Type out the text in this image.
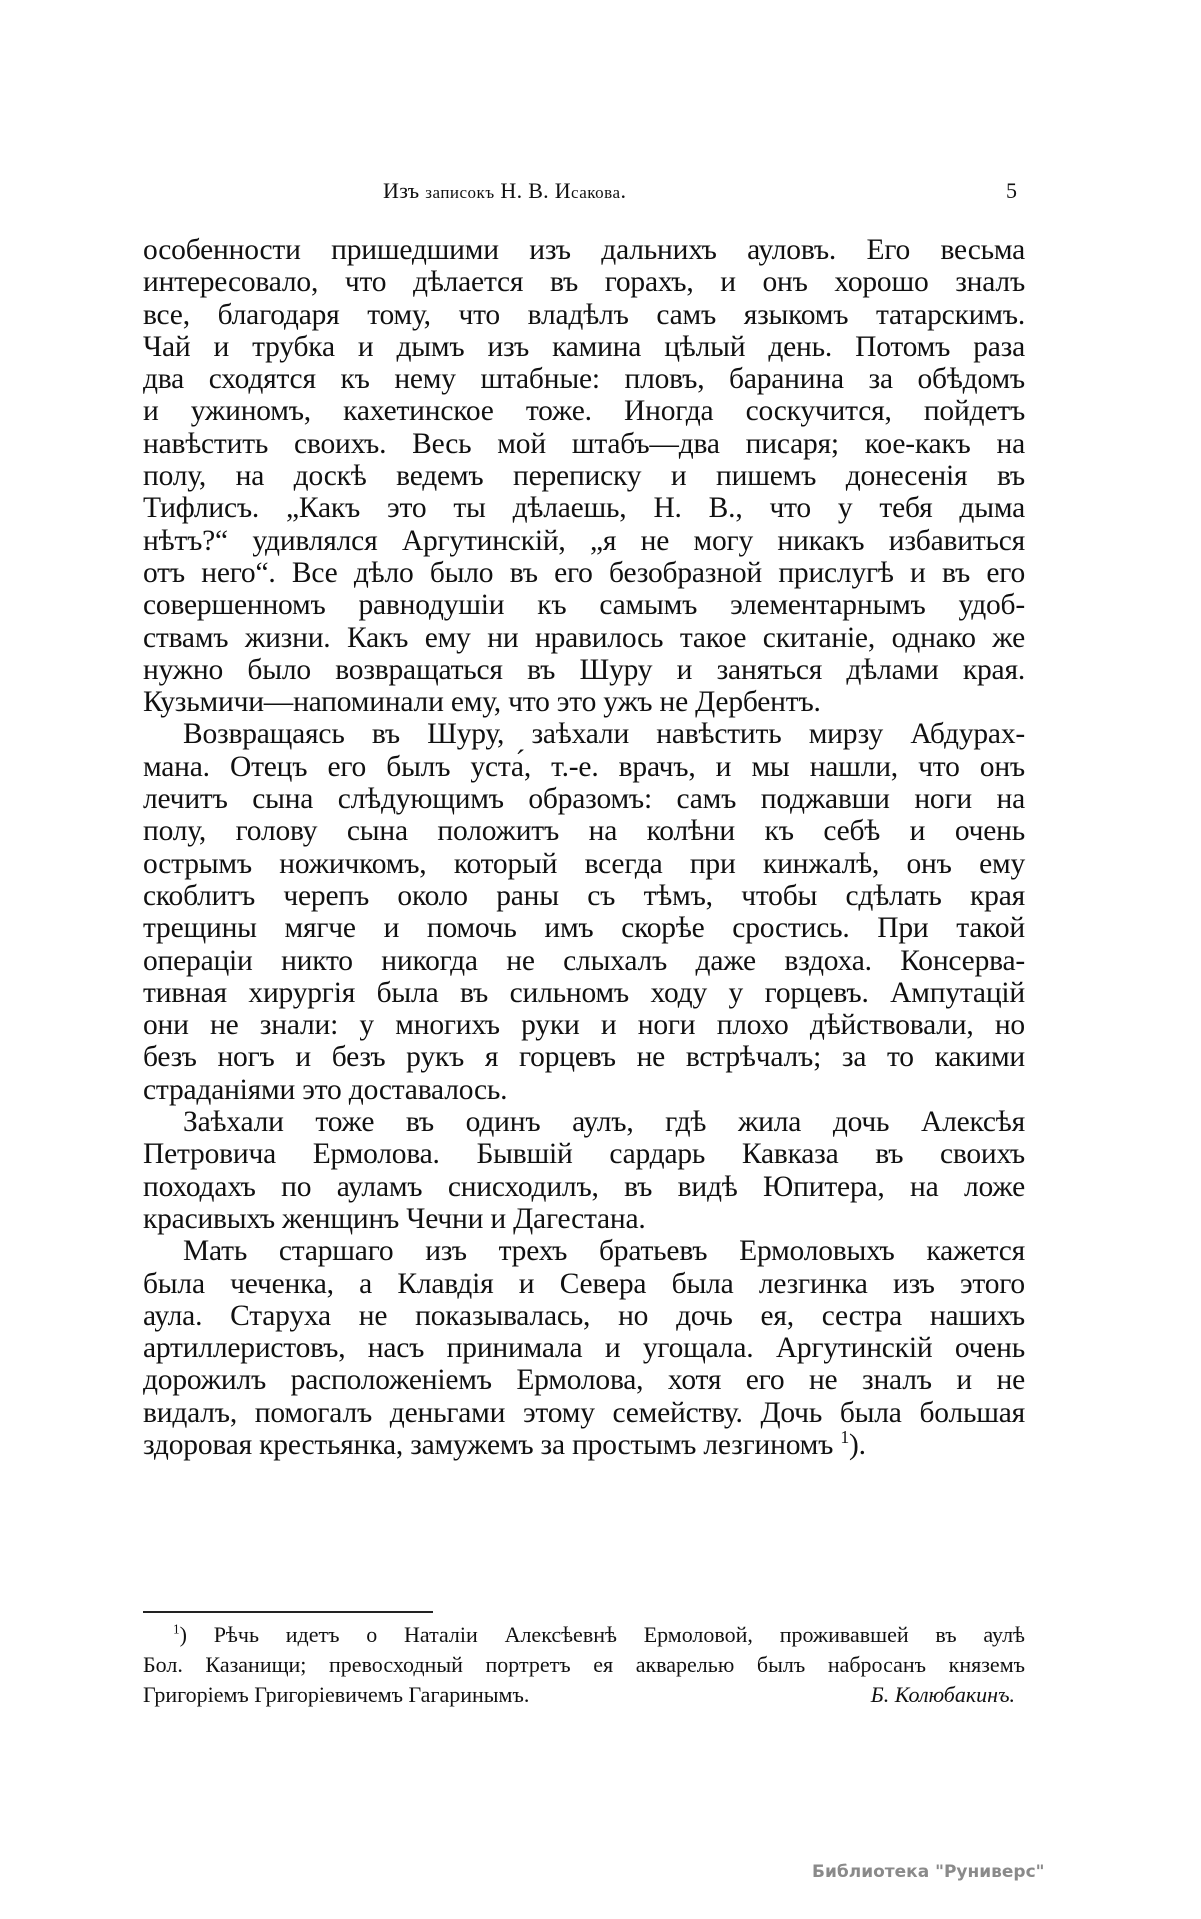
Изъ записокъ Н. В. Исакова.	5
особенности пришедшими изъ дальнихъ ауловъ. Его весьма
интересовало, что дѣлается въ горахъ, и онъ хорошо зналъ
все, благодаря тому, что владѣлъ самъ языкомъ татарскимъ.
Чай и трубка и дымъ изъ камина цѣлый день. Потомъ раза
два сходятся къ нему штабные: пловъ, баранина за обѣдомъ
и ужиномъ, кахетинское тоже. Иногда соскучится, пойдетъ
навѣстить своихъ. Весь мой штабъ—два писаря; кое-какъ на
полу, на доскѣ ведемъ переписку и пишемъ донесенія въ
Тифлисъ. „Какъ это ты дѣлаешь, Н. В., что у тебя дыма
нѣтъ?“ удивлялся Аргутинскій, „я не могу никакъ избавиться
отъ него“. Все дѣло было въ его безобразной прислугѣ и въ его
совершенномъ равнодушіи къ самымъ элементарнымъ удоб-
ствамъ жизни. Какъ ему ни нравилось такое скитаніе, однако же
нужно было возвращаться въ Шуру и заняться дѣлами края.
Кузьмичи—напоминали ему, что это ужъ не Дербентъ.
Возвращаясь въ Шуру, заѣхали навѣстить мирзу Абдурах-
мана. Отецъ его былъ уста́, т.-е. врачъ, и мы нашли, что онъ
лечитъ сына слѣдующимъ образомъ: самъ поджавши ноги на
полу, голову сына положитъ на колѣни къ себѣ и очень
острымъ ножичкомъ, который всегда при кинжалѣ, онъ ему
скоблитъ черепъ около раны съ тѣмъ, чтобы сдѣлать края
трещины мягче и помочь имъ скорѣе сростись. При такой
операціи никто никогда не слыхалъ даже вздоха. Консерва-
тивная хирургія была въ сильномъ ходу у горцевъ. Ампутацій
они не знали: у многихъ руки и ноги плохо дѣйствовали, но
безъ ногъ и безъ рукъ я горцевъ не встрѣчалъ; за то какими
страданіями это доставалось.
Заѣхали тоже въ одинъ аулъ, гдѣ жила дочь Алексѣя
Петровича Ермолова. Бывшій сардарь Кавказа въ своихъ
походахъ по ауламъ снисходилъ, въ видѣ Юпитера, на ложе
красивыхъ женщинъ Чечни и Дагестана.
Мать старшаго изъ трехъ братьевъ Ермоловыхъ кажется
была чеченка, а Клавдія и Севера была лезгинка изъ этого
аула. Старуха не показывалась, но дочь ея, сестра нашихъ
артиллеристовъ, насъ принимала и угощала. Аргутинскій очень
дорожилъ расположеніемъ Ермолова, хотя его не зналъ и не
видалъ, помогалъ деньгами этому семейству. Дочь была большая
здоровая крестьянка, замужемъ за простымъ лезгиномъ $^1$).
$^1$) Рѣчь идетъ о Наталіи Алексѣевнѣ Ермоловой, проживавшей въ аулѣ
Бол. Казанищи; превосходный портретъ ея акварелью былъ набросанъ княземъ
Григоріемъ Григоріевичемъ Гагаринымъ.	Б. Колюбакинъ.
Библиотека "Руниверс"
